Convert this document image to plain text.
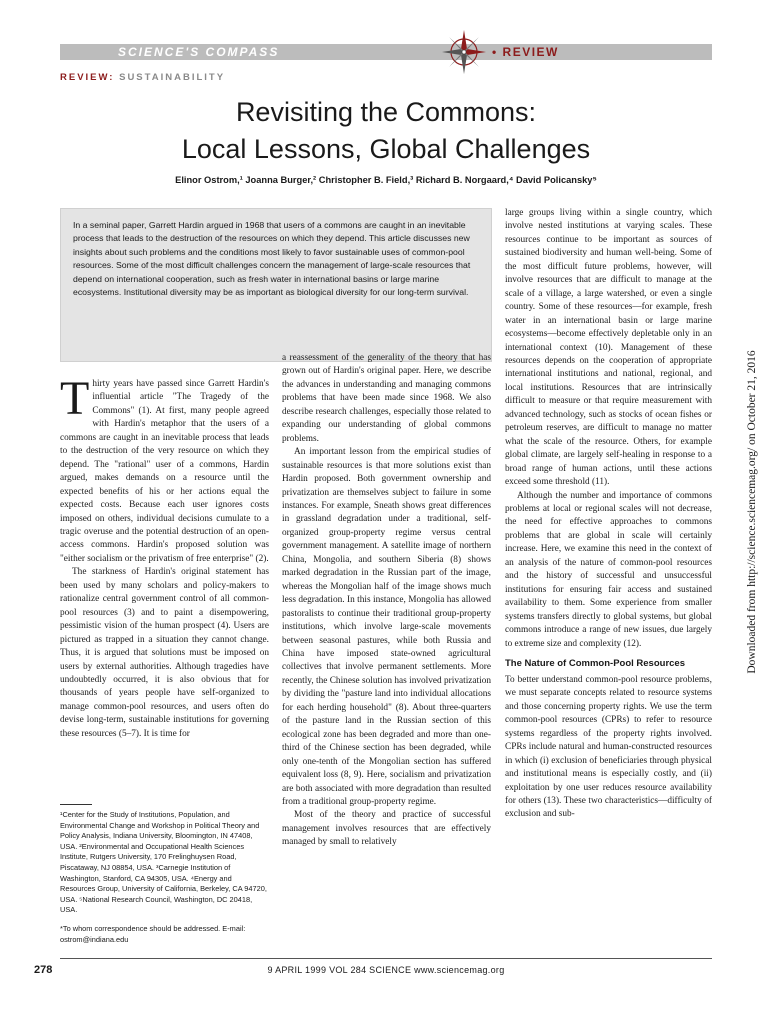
SCIENCE'S COMPASS	• REVIEW
REVIEW: SUSTAINABILITY
Revisiting the Commons:
Local Lessons, Global Challenges
Elinor Ostrom,¹ Joanna Burger,² Christopher B. Field,³ Richard B. Norgaard,⁴ David Policansky⁵
In a seminal paper, Garrett Hardin argued in 1968 that users of a commons are caught in an inevitable process that leads to the destruction of the resources on which they depend. This article discusses new insights about such problems and the conditions most likely to favor sustainable uses of common-pool resources. Some of the most difficult challenges concern the management of large-scale resources that depend on international cooperation, such as fresh water in international basins or large marine ecosystems. Institutional diversity may be as important as biological diversity for our long-term survival.

Thirty years have passed since Garrett Hardin's influential article "The Tragedy of the Commons" (1). At first, many people agreed with Hardin's metaphor that the users of a commons are caught in an inevitable process that leads to the destruction of the very resource on which they depend. The "rational" user of a commons, Hardin argued, makes demands on a resource until the expected benefits of his or her actions equal the expected costs. Because each user ignores costs imposed on others, individual decisions cumulate to a tragic overuse and the potential destruction of an open-access commons. Hardin's proposed solution was "either socialism or the privatism of free enterprise" (2).

The starkness of Hardin's original statement has been used by many scholars and policy-makers to rationalize central government control of all common-pool resources (3) and to paint a disempowering, pessimistic vision of the human prospect (4). Users are pictured as trapped in a situation they cannot change. Thus, it is argued that solutions must be imposed on users by external authorities. Although tragedies have undoubtedly occurred, it is also obvious that for thousands of years people have self-organized to manage common-pool resources, and users often do devise long-term, sustainable institutions for governing these resources (5–7). It is time for

¹Center for the Study of Institutions, Population, and Environmental Change and Workshop in Political Theory and Policy Analysis, Indiana University, Bloomington, IN 47408, USA. ²Environmental and Occupational Health Sciences Institute, Rutgers University, 170 Frelinghuysen Road, Piscataway, NJ 08854, USA. ³Carnegie Institution of Washington, Stanford, CA 94305, USA. ⁴Energy and Resources Group, University of California, Berkeley, CA 94720, USA. ⁵National Research Council, Washington, DC 20418, USA.
*To whom correspondence should be addressed. E-mail: ostrom@indiana.edu

a reassessment of the generality of the theory that has grown out of Hardin's original paper. Here, we describe the advances in understanding and managing commons problems that have been made since 1968. We also describe research challenges, especially those related to expanding our understanding of global commons problems.

An important lesson from the empirical studies of sustainable resources is that more solutions exist than Hardin proposed. Both government ownership and privatization are themselves subject to failure in some instances. For example, Sneath shows great differences in grassland degradation under a traditional, self-organized group-property regime versus central government management. A satellite image of northern China, Mongolia, and southern Siberia (8) shows marked degradation in the Russian part of the image, whereas the Mongolian half of the image shows much less degradation. In this instance, Mongolia has allowed pastoralists to continue their traditional group-property institutions, which involve large-scale movements between seasonal pastures, while both Russia and China have imposed state-owned agricultural collectives that involve permanent settlements. More recently, the Chinese solution has involved privatization by dividing the "pasture land into individual allocations for each herding household" (8). About three-quarters of the pasture land in the Russian section of this ecological zone has been degraded and more than one-third of the Chinese section has been degraded, while only one-tenth of the Mongolian section has suffered equivalent loss (8, 9). Here, socialism and privatization are both associated with more degradation than resulted from a traditional group-property regime.

Most of the theory and practice of successful management involves resources that are effectively managed by small to relatively

large groups living within a single country, which involve nested institutions at varying scales. These resources continue to be important as sources of sustained biodiversity and human well-being. Some of the most difficult future problems, however, will involve resources that are difficult to manage at the scale of a village, a large watershed, or even a single country. Some of these resources—for example, fresh water in an international basin or large marine ecosystems—become effectively depletable only in an international context (10). Management of these resources depends on the cooperation of appropriate international institutions and national, regional, and local institutions. Resources that are intrinsically difficult to measure or that require measurement with advanced technology, such as stocks of ocean fishes or petroleum reserves, are difficult to manage no matter what the scale of the resource. Others, for example global climate, are largely self-healing in response to a broad range of human actions, until these actions exceed some threshold (11).

Although the number and importance of commons problems at local or regional scales will not decrease, the need for effective approaches to commons problems that are global in scale will certainly increase. Here, we examine this need in the context of an analysis of the nature of common-pool resources and the history of successful and unsuccessful institutions for ensuring fair access and sustained availability to them. Some experience from smaller systems transfers directly to global systems, but global commons introduce a range of new issues, due largely to extreme size and complexity (12).

The Nature of Common-Pool Resources

To better understand common-pool resource problems, we must separate concepts related to resource systems and those concerning property rights. We use the term common-pool resources (CPRs) to refer to resource systems regardless of the property rights involved. CPRs include natural and human-constructed resources in which (i) exclusion of beneficiaries through physical and institutional means is especially costly, and (ii) exploitation by one user reduces resource availability for others (13). These two characteristics—difficulty of exclusion and sub-

278	9 APRIL 1999 VOL 284 SCIENCE www.sciencemag.org
Downloaded from http://science.sciencemag.org/ on October 21, 2016
